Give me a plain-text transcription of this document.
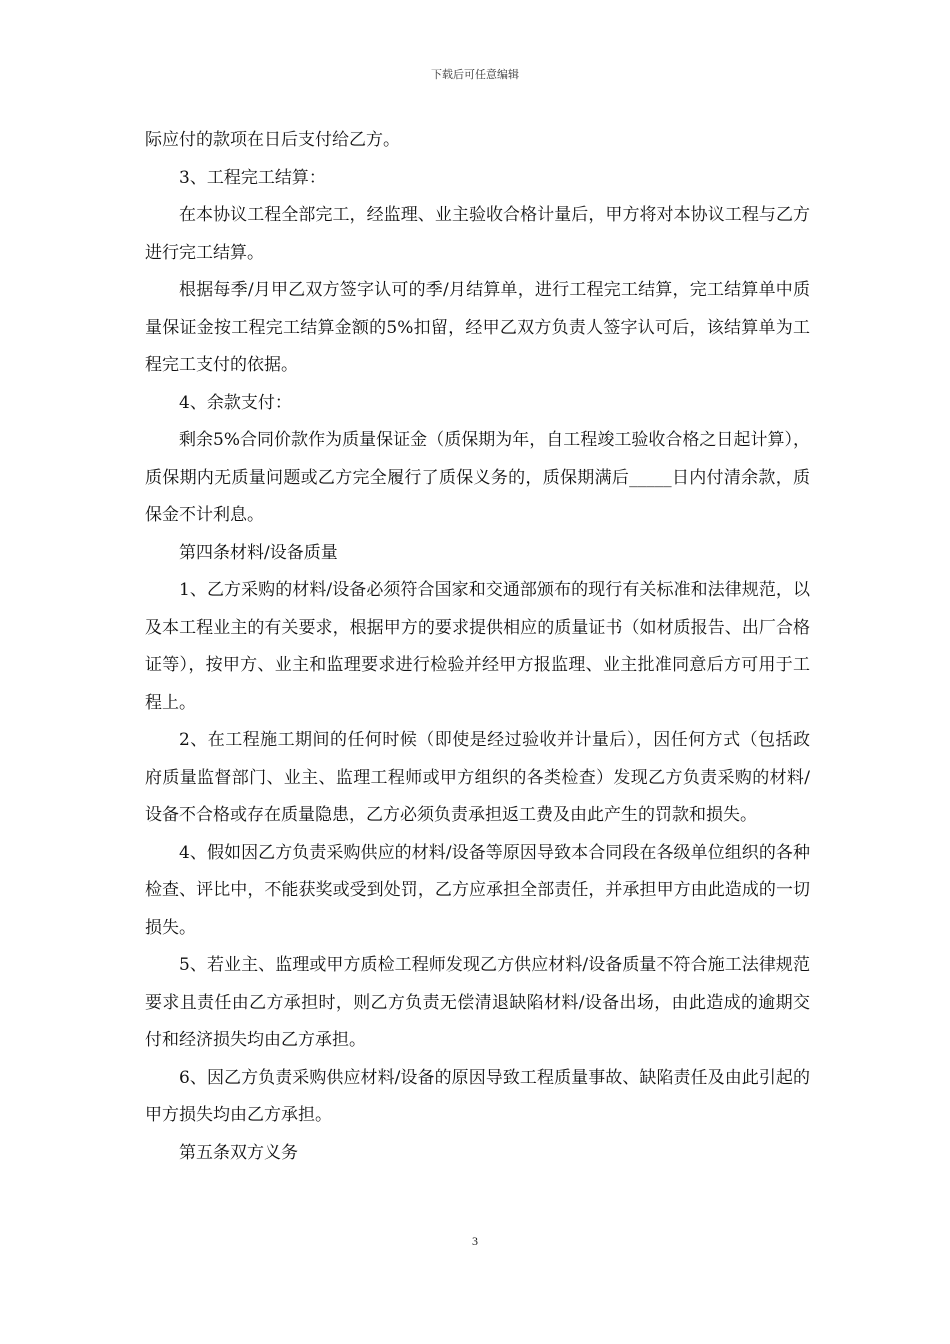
下载后可任意编辑

际应付的款项在日后支付给乙方。

3、工程完工结算：

在本协议工程全部完工，经监理、业主验收合格计量后，甲方将对本协议工程与乙方进行完工结算。

根据每季/月甲乙双方签字认可的季/月结算单，进行工程完工结算，完工结算单中质量保证金按工程完工结算金额的5%扣留，经甲乙双方负责人签字认可后，该结算单为工程完工支付的依据。

4、余款支付：

剩余5%合同价款作为质量保证金（质保期为年，自工程竣工验收合格之日起计算），质保期内无质量问题或乙方完全履行了质保义务的，质保期满后_____日内付清余款，质保金不计利息。

第四条材料/设备质量

1、乙方采购的材料/设备必须符合国家和交通部颁布的现行有关标准和法律规范，以及本工程业主的有关要求，根据甲方的要求提供相应的质量证书（如材质报告、出厂合格证等），按甲方、业主和监理要求进行检验并经甲方报监理、业主批准同意后方可用于工程上。

2、在工程施工期间的任何时候（即使是经过验收并计量后），因任何方式（包括政府质量监督部门、业主、监理工程师或甲方组织的各类检查）发现乙方负责采购的材料/设备不合格或存在质量隐患，乙方必须负责承担返工费及由此产生的罚款和损失。

4、假如因乙方负责采购供应的材料/设备等原因导致本合同段在各级单位组织的各种检查、评比中，不能获奖或受到处罚，乙方应承担全部责任，并承担甲方由此造成的一切损失。

5、若业主、监理或甲方质检工程师发现乙方供应材料/设备质量不符合施工法律规范要求且责任由乙方承担时，则乙方负责无偿清退缺陷材料/设备出场，由此造成的逾期交付和经济损失均由乙方承担。

6、因乙方负责采购供应材料/设备的原因导致工程质量事故、缺陷责任及由此引起的甲方损失均由乙方承担。

第五条双方义务

3
